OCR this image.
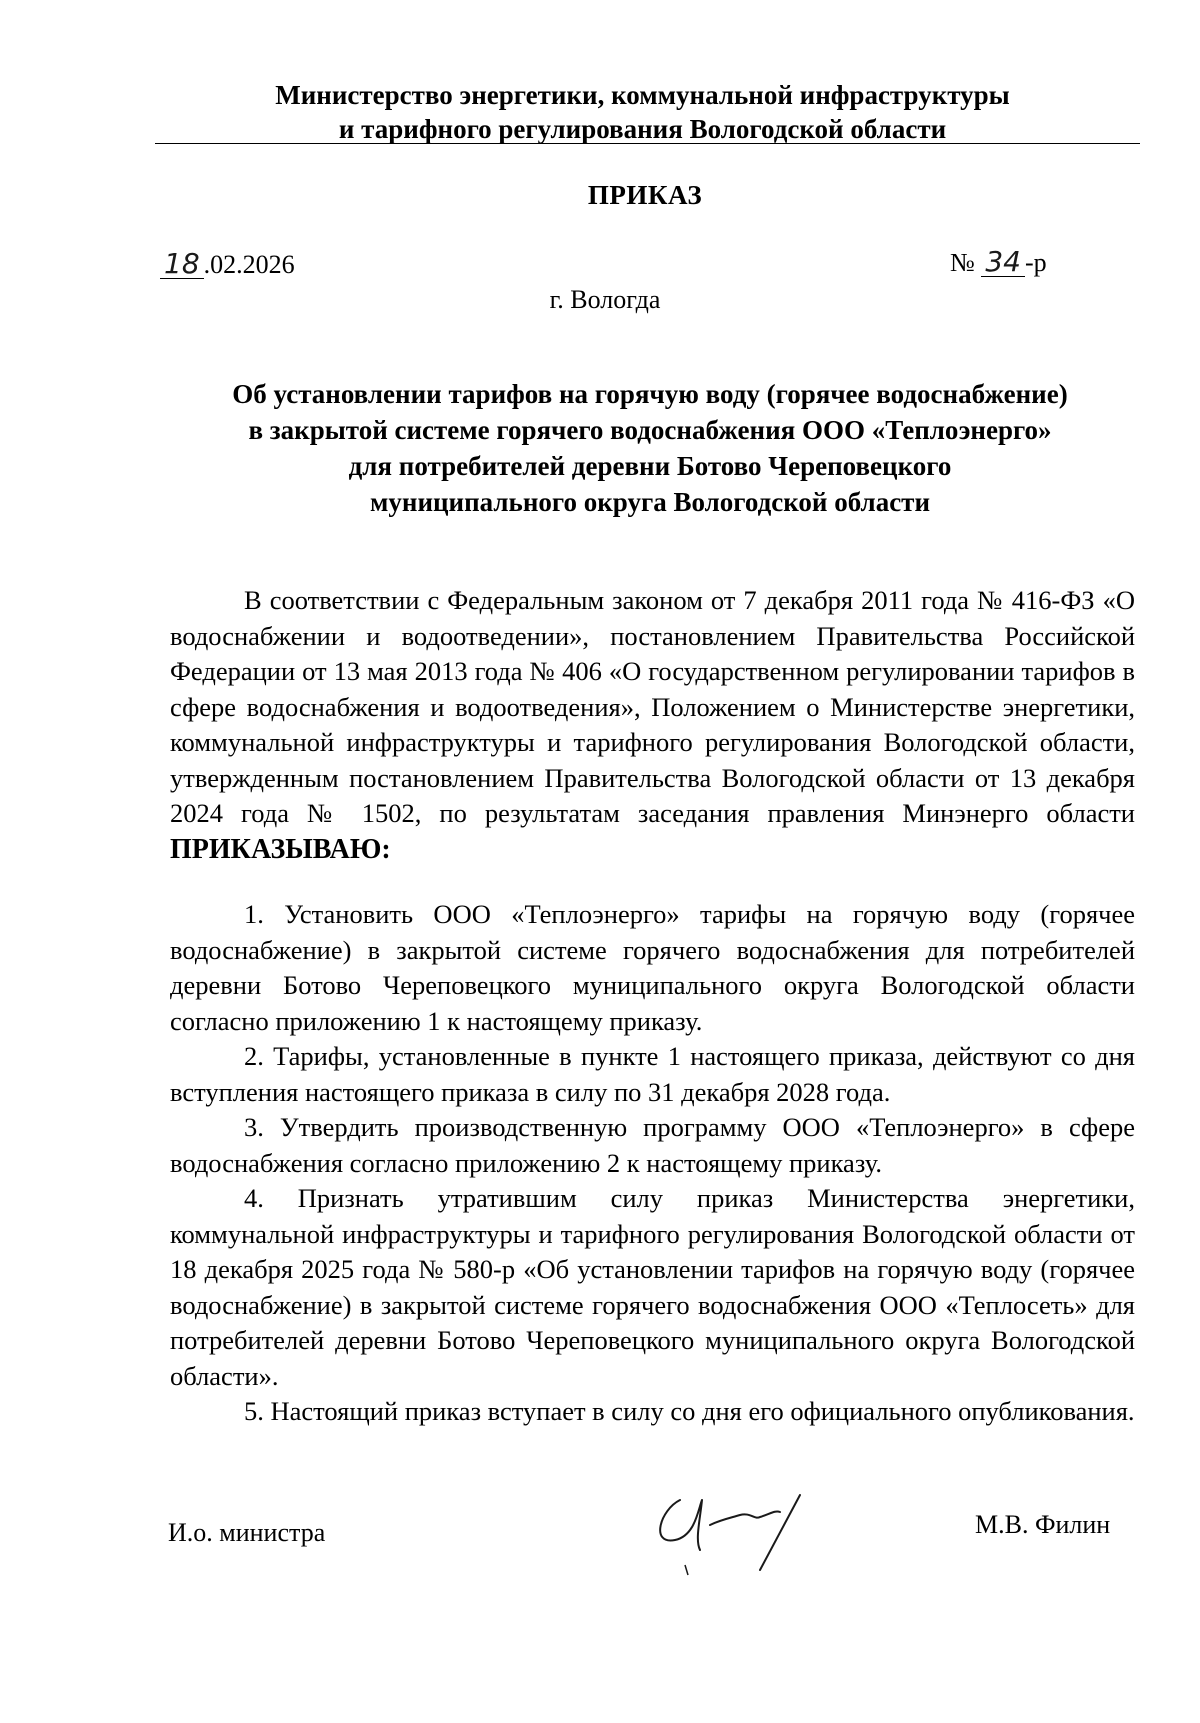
Министерство энергетики, коммунальной инфраструктуры
и тарифного регулирования Вологодской области
ПРИКАЗ
18 .02.2026	№ 34 -р
г. Вологда
Об установлении тарифов на горячую воду (горячее водоснабжение)
в закрытой системе горячего водоснабжения ООО «Теплоэнерго»
для потребителей деревни Ботово Череповецкого
муниципального округа Вологодской области

В соответствии с Федеральным законом от 7 декабря 2011 года № 416-ФЗ «О водоснабжении и водоотведении», постановлением Правительства Российской Федерации от 13 мая 2013 года № 406 «О государственном регулировании тарифов в сфере водоснабжения и водоотведения», Положением о Министерстве энергетики, коммунальной инфраструктуры и тарифного регулирования Вологодской области, утвержденным постановлением Правительства Вологодской области от 13 декабря 2024 года № 1502, по результатам заседания правления Минэнерго области ПРИКАЗЫВАЮ:

1. Установить ООО «Теплоэнерго» тарифы на горячую воду (горячее водоснабжение) в закрытой системе горячего водоснабжения для потребителей деревни Ботово Череповецкого муниципального округа Вологодской области согласно приложению 1 к настоящему приказу.

2. Тарифы, установленные в пункте 1 настоящего приказа, действуют со дня вступления настоящего приказа в силу по 31 декабря 2028 года.

3. Утвердить производственную программу ООО «Теплоэнерго» в сфере водоснабжения согласно приложению 2 к настоящему приказу.

4. Признать утратившим силу приказ Министерства энергетики, коммунальной инфраструктуры и тарифного регулирования Вологодской области от 18 декабря 2025 года № 580-р «Об установлении тарифов на горячую воду (горячее водоснабжение) в закрытой системе горячего водоснабжения ООО «Теплосеть» для потребителей деревни Ботово Череповецкого муниципального округа Вологодской области».

5. Настоящий приказ вступает в силу со дня его официального опубликования.

И.о. министра	М.В. Филин
